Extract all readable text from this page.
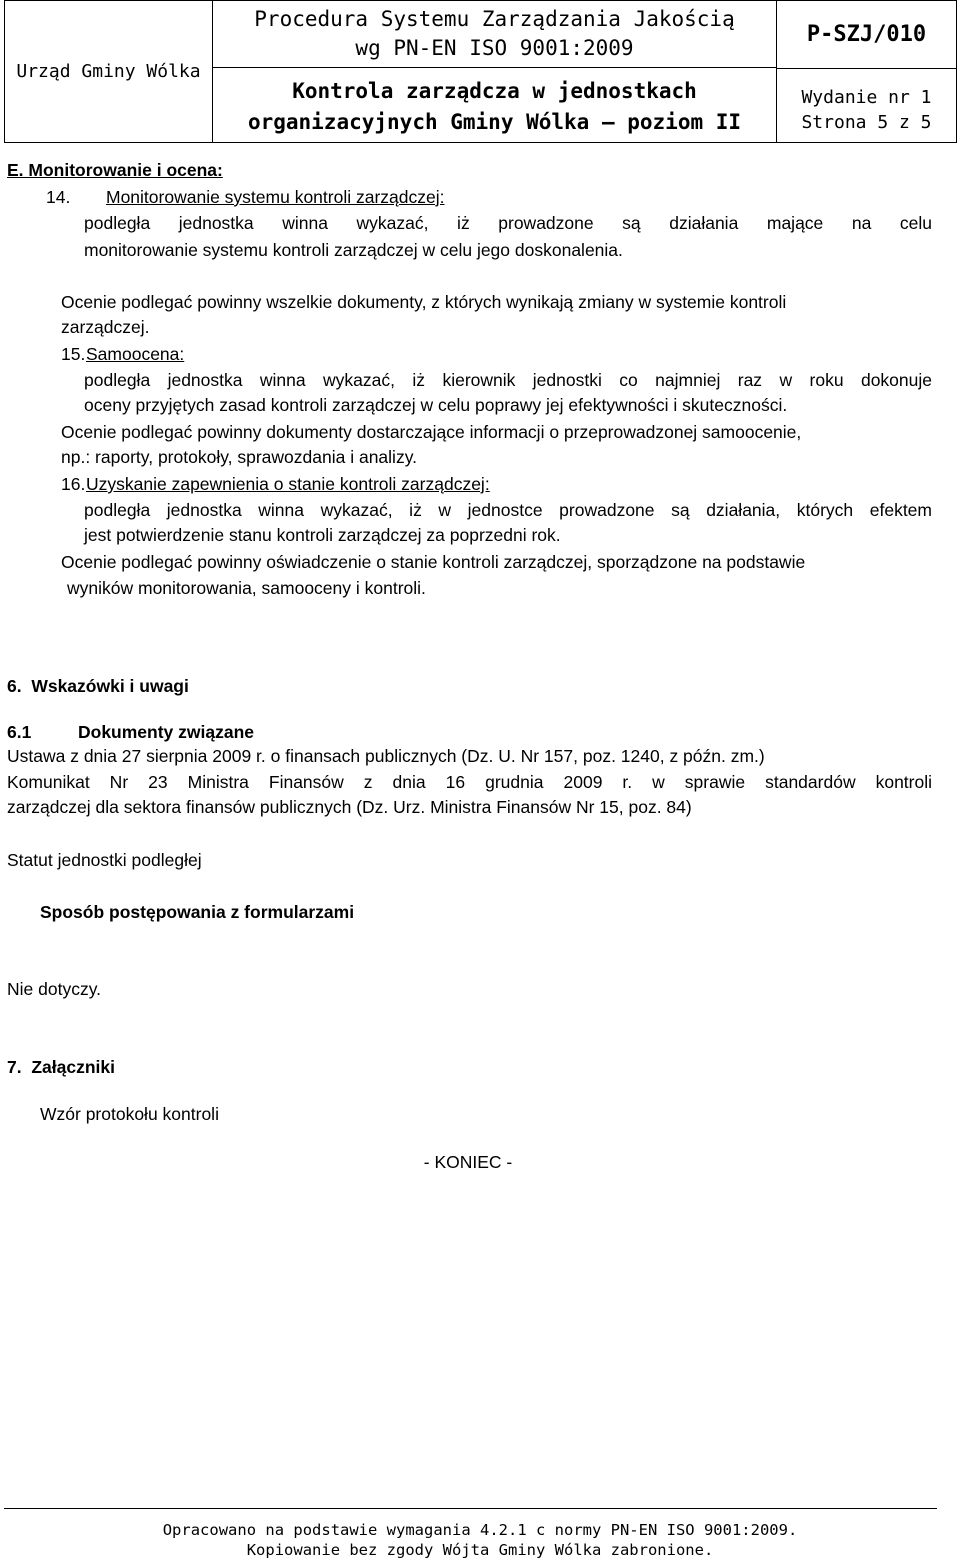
Urząd Gminy Wólka
Procedura Systemu Zarządzania Jakością
wg PN-EN ISO 9001:2009
Kontrola zarządcza w jednostkach
organizacyjnych Gminy Wólka – poziom II
P-SZJ/010
Wydanie nr 1
Strona 5 z 5
E. Monitorowanie i ocena:
14.	Monitorowanie systemu kontroli zarządczej:
podległa jednostka winna wykazać, iż prowadzone są działania mające na celu
monitorowanie systemu kontroli zarządczej w celu jego doskonalenia.
Ocenie podlegać powinny wszelkie dokumenty, z których wynikają zmiany w systemie kontroli
zarządczej.
15. Samoocena:
podległa jednostka winna wykazać, iż kierownik jednostki co najmniej raz w roku dokonuje
oceny przyjętych zasad kontroli zarządczej w celu poprawy jej efektywności i skuteczności.
Ocenie podlegać powinny dokumenty dostarczające informacji o przeprowadzonej samoocenie,
np.: raporty, protokoły, sprawozdania i analizy.
16. Uzyskanie zapewnienia o stanie kontroli zarządczej:
podległa jednostka winna wykazać, iż w jednostce prowadzone są działania, których efektem
jest potwierdzenie stanu kontroli zarządczej za poprzedni rok.
Ocenie podlegać powinny oświadczenie o stanie kontroli zarządczej, sporządzone na podstawie
wyników monitorowania, samooceny i kontroli.
6.  Wskazówki i uwagi
6.1	Dokumenty związane
Ustawa z dnia 27 sierpnia 2009 r. o finansach publicznych (Dz. U. Nr 157, poz. 1240, z późn. zm.)
Komunikat Nr 23 Ministra Finansów z dnia 16 grudnia 2009 r. w sprawie standardów kontroli
zarządczej dla sektora finansów publicznych (Dz. Urz. Ministra Finansów Nr 15, poz. 84)
Statut jednostki podległej
Sposób postępowania z formularzami
Nie dotyczy.
7.  Załączniki
Wzór protokołu kontroli
- KONIEC -
Opracowano na podstawie wymagania 4.2.1 c normy PN-EN ISO 9001:2009.
Kopiowanie bez zgody Wójta Gminy Wólka zabronione.
